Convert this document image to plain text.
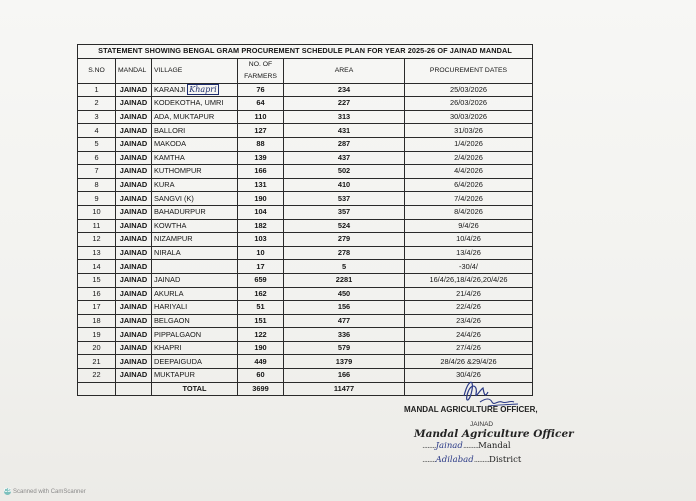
STATEMENT SHOWING BENGAL GRAM PROCUREMENT SCHEDULE PLAN FOR YEAR 2025-26 OF JAINAD MANDAL					
S.NO	MANDAL	VILLAGE	NO. OF FARMERS	AREA	PROCUREMENT DATES
1	JAINAD	KARANJI Khapri	76	234	25/03/2026
2	JAINAD	KODEKOTHA, UMRI	64	227	26/03/2026
3	JAINAD	ADA, MUKTAPUR	110	313	30/03/2026
4	JAINAD	BALLORI	127	431	31/03/26
5	JAINAD	MAKODA	88	287	1/4/2026
6	JAINAD	KAMTHA	139	437	2/4/2026
7	JAINAD	KUTHOMPUR	166	502	4/4/2026
8	JAINAD	KURA	131	410	6/4/2026
9	JAINAD	SANGVI (K)	190	537	7/4/2026
10	JAINAD	BAHADURPUR	104	357	8/4/2026
11	JAINAD	KOWTHA	182	524	9/4/26
12	JAINAD	NIZAMPUR	103	279	10/4/26
13	JAINAD	NIRALA	10	278	13/4/26
14	JAINAD		17	5	-30/4/
15	JAINAD	JAINAD	659	2281	16/4/26,18/4/26,20/4/26
16	JAINAD	AKURLA	162	450	21/4/26
17	JAINAD	HARIYALI	51	156	22/4/26
18	JAINAD	BELGAON	151	477	23/4/26
19	JAINAD	PIPPALGAON	122	336	24/4/26
20	JAINAD	KHAPRI	190	579	27/4/26
21	JAINAD	DEEPAIGUDA	449	1379	28/4/26 &29/4/26
22	JAINAD	MUKTAPUR	60	166	30/4/26
		TOTAL	3699	11477	
MANDAL AGRICULTURE OFFICER,
JAINAD
Mandal Agriculture Officer
........Jainad.........Mandal
........Adilabad.........District
CS Scanned with CamScanner
